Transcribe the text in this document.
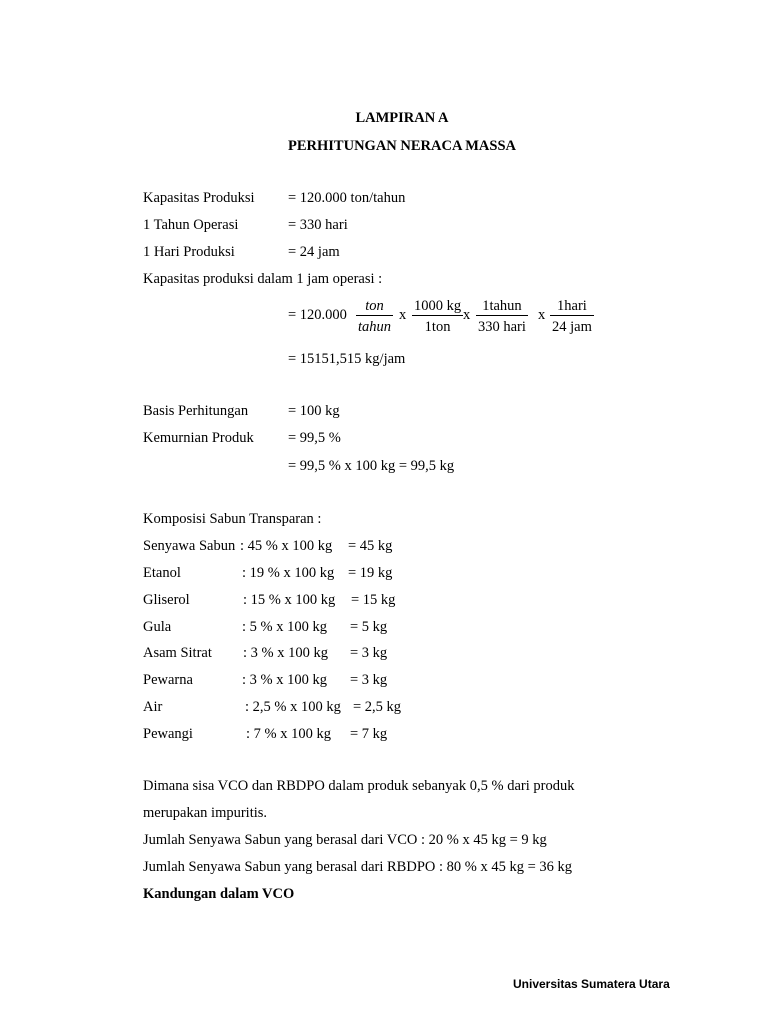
LAMPIRAN A
PERHITUNGAN NERACA MASSA
Kapasitas Produksi = 120.000 ton/tahun
1 Tahun Operasi	= 330 hari
1 Hari Produksi	= 24 jam
Kapasitas produksi dalam 1 jam operasi :
= 120.000
ton
tahun
x
1000 kg
1ton
x
1tahun
330 hari
x
1hari
24 jam
= 15151,515 kg/jam
Basis Perhitungan	= 100 kg
Kemurnian Produk = 99,5 %
= 99,5 % x 100 kg = 99,5 kg
Komposisi Sabun Transparan :
Senyawa Sabun : 45 % x 100 kg = 45 kg
Etanol	: 19 % x 100 kg = 19 kg
Gliserol	: 15 % x 100 kg = 15 kg
Gula	: 5 % x 100 kg = 5 kg
Asam Sitrat : 3 % x 100 kg = 3 kg
Pewarna	: 3 % x 100 kg = 3 kg
Air	: 2,5 % x 100 kg = 2,5 kg
Pewangi	: 7 % x 100 kg = 7 kg
Dimana sisa VCO dan RBDPO dalam produk sebanyak 0,5 % dari produk
merupakan impuritis.
Jumlah Senyawa Sabun yang berasal dari VCO : 20 % x 45 kg = 9 kg
Jumlah Senyawa Sabun yang berasal dari RBDPO : 80 % x 45 kg = 36 kg
Kandungan dalam VCO
Universitas Sumatera Utara
